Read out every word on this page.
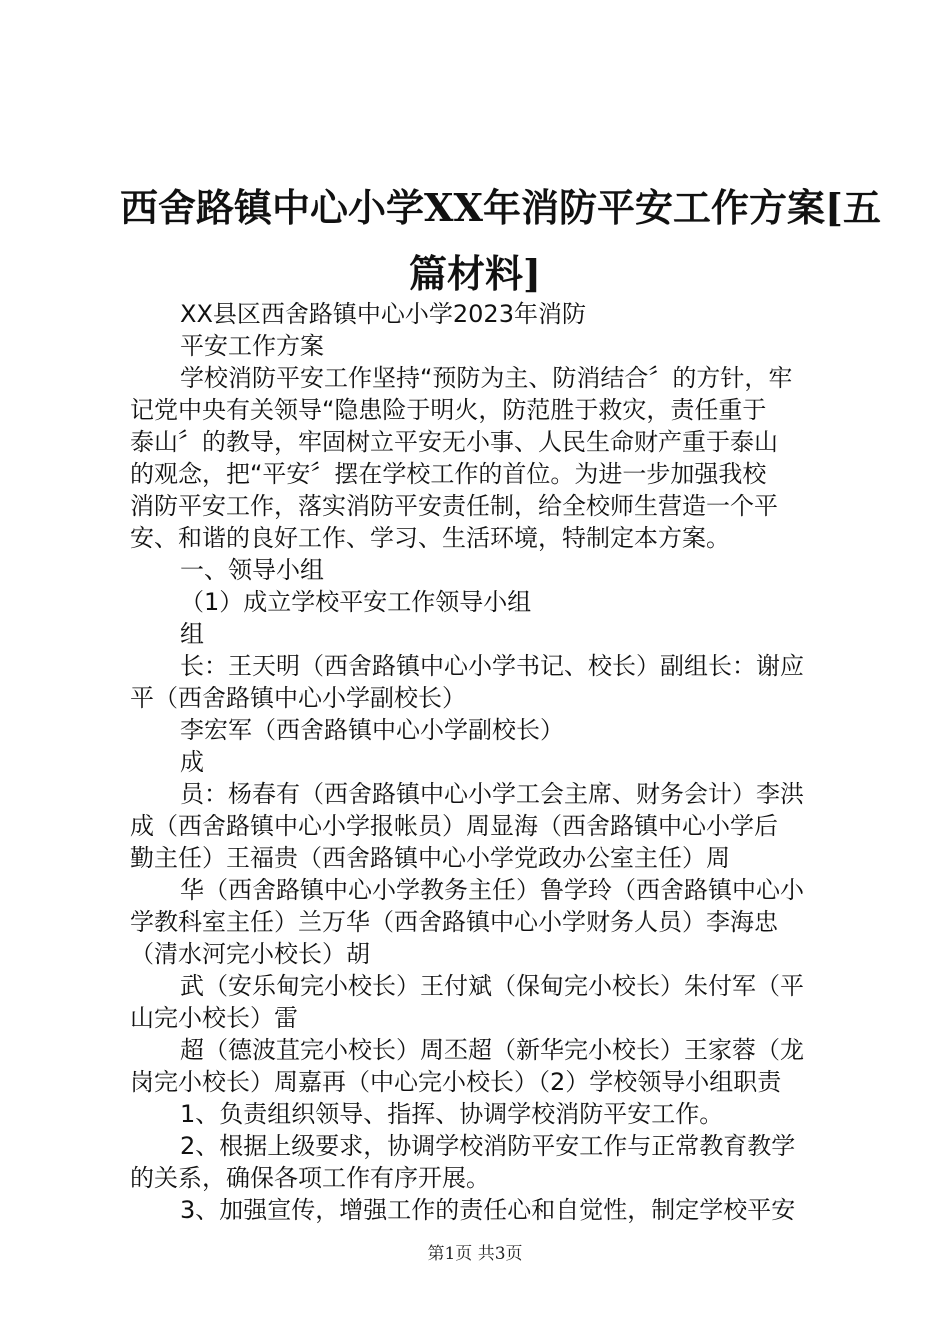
西舍路镇中心小学XX年消防平安工作方案[五
篇材料]

XX县区西舍路镇中心小学2023年消防

平安工作方案

学校消防平安工作坚持“预防为主、防消结合〞的方针，牢

记党中央有关领导“隐患险于明火，防范胜于救灾，责任重于

泰山〞的教导，牢固树立平安无小事、人民生命财产重于泰山

的观念，把“平安〞摆在学校工作的首位。为进一步加强我校

消防平安工作，落实消防平安责任制，给全校师生营造一个平

安、和谐的良好工作、学习、生活环境，特制定本方案。

一、领导小组

（1）成立学校平安工作领导小组

组

长：王天明（西舍路镇中心小学书记、校长）副组长：谢应

平（西舍路镇中心小学副校长）

李宏军（西舍路镇中心小学副校长）

成

员：杨春有（西舍路镇中心小学工会主席、财务会计）李洪

成（西舍路镇中心小学报帐员）周显海（西舍路镇中心小学后

勤主任）王福贵（西舍路镇中心小学党政办公室主任）周

华（西舍路镇中心小学教务主任）鲁学玲（西舍路镇中心小

学教科室主任）兰万华（西舍路镇中心小学财务人员）李海忠

（清水河完小校长）胡

武（安乐甸完小校长）王付斌（保甸完小校长）朱付军（平

山完小校长）雷

超（德波苴完小校长）周丕超（新华完小校长）王家蓉（龙

岗完小校长）周嘉再（中心完小校长）（2）学校领导小组职责

1、负责组织领导、指挥、协调学校消防平安工作。

2、根据上级要求，协调学校消防平安工作与正常教育教学

的关系，确保各项工作有序开展。

3、加强宣传，增强工作的责任心和自觉性，制定学校平安

第1页 共3页
